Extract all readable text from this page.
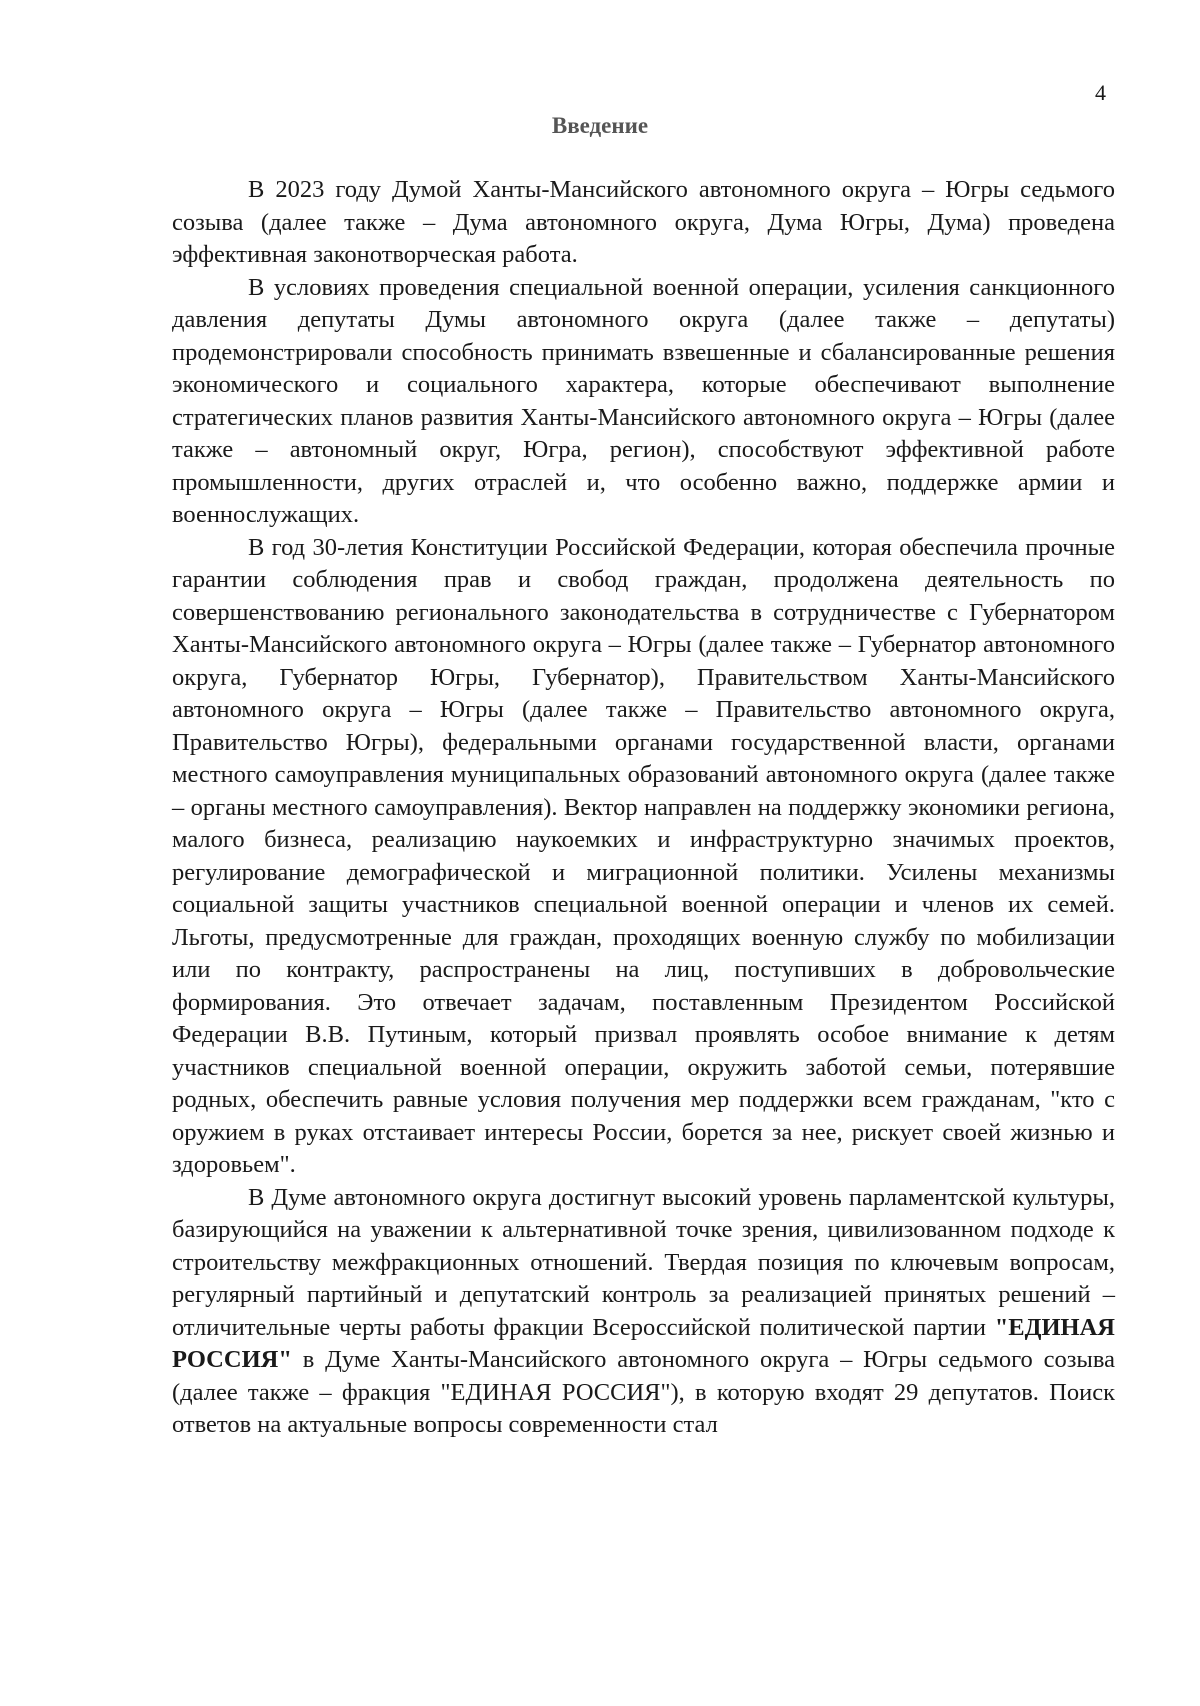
4
Введение

В 2023 году Думой Ханты-Мансийского автономного округа – Югры седьмого созыва (далее также – Дума автономного округа, Дума Югры, Дума) проведена эффективная законотворческая работа.

В условиях проведения специальной военной операции, усиления санкционного давления депутаты Думы автономного округа (далее также – депутаты) продемонстрировали способность принимать взвешенные и сбалансированные решения экономического и социального характера, которые обеспечивают выполнение стратегических планов развития Ханты-Мансийского автономного округа – Югры (далее также – автономный округ, Югра, регион), способствуют эффективной работе промышленности, других отраслей и, что особенно важно, поддержке армии и военнослужащих.

В год 30-летия Конституции Российской Федерации, которая обеспечила прочные гарантии соблюдения прав и свобод граждан, продолжена деятельность по совершенствованию регионального законодательства в сотрудничестве с Губернатором Ханты-Мансийского автономного округа – Югры (далее также – Губернатор автономного округа, Губернатор Югры, Губернатор), Правительством Ханты-Мансийского автономного округа – Югры (далее также – Правительство автономного округа, Правительство Югры), федеральными органами государственной власти, органами местного самоуправления муниципальных образований автономного округа (далее также – органы местного самоуправления). Вектор направлен на поддержку экономики региона, малого бизнеса, реализацию наукоемких и инфраструктурно значимых проектов, регулирование демографической и миграционной политики. Усилены механизмы социальной защиты участников специальной военной операции и членов их семей. Льготы, предусмотренные для граждан, проходящих военную службу по мобилизации или по контракту, распространены на лиц, поступивших в добровольческие формирования. Это отвечает задачам, поставленным Президентом Российской Федерации В.В. Путиным, который призвал проявлять особое внимание к детям участников специальной военной операции, окружить заботой семьи, потерявшие родных, обеспечить равные условия получения мер поддержки всем гражданам, "кто с оружием в руках отстаивает интересы России, борется за нее, рискует своей жизнью и здоровьем".

В Думе автономного округа достигнут высокий уровень парламентской культуры, базирующийся на уважении к альтернативной точке зрения, цивилизованном подходе к строительству межфракционных отношений. Твердая позиция по ключевым вопросам, регулярный партийный и депутатский контроль за реализацией принятых решений – отличительные черты работы фракции Всероссийской политической партии "ЕДИНАЯ РОССИЯ" в Думе Ханты-Мансийского автономного округа – Югры седьмого созыва (далее также – фракция "ЕДИНАЯ РОССИЯ"), в которую входят 29 депутатов. Поиск ответов на актуальные вопросы современности стал
